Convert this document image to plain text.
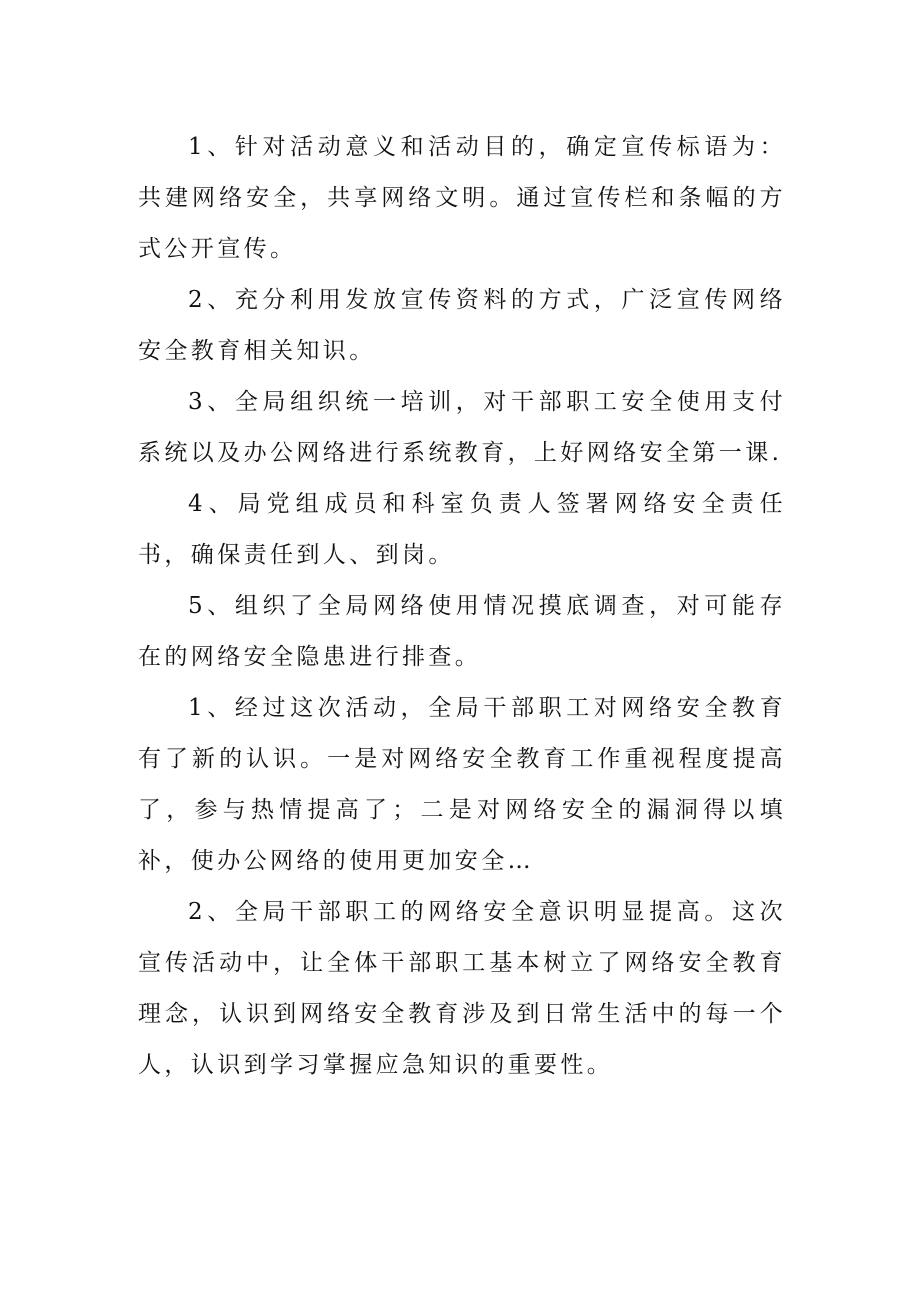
1、针对活动意义和活动目的，确定宣传标语为：共建网络安全，共享网络文明。通过宣传栏和条幅的方式公开宣传。

2、充分利用发放宣传资料的方式，广泛宣传网络安全教育相关知识。

3、全局组织统一培训，对干部职工安全使用支付系统以及办公网络进行系统教育，上好网络安全第一课.

4、局党组成员和科室负责人签署网络安全责任书，确保责任到人、到岗。

5、组织了全局网络使用情况摸底调查，对可能存在的网络安全隐患进行排查。

1、经过这次活动，全局干部职工对网络安全教育有了新的认识。一是对网络安全教育工作重视程度提高了，参与热情提高了；二是对网络安全的漏洞得以填补，使办公网络的使用更加安全…

2、全局干部职工的网络安全意识明显提高。这次宣传活动中，让全体干部职工基本树立了网络安全教育理念，认识到网络安全教育涉及到日常生活中的每一个人，认识到学习掌握应急知识的重要性。
